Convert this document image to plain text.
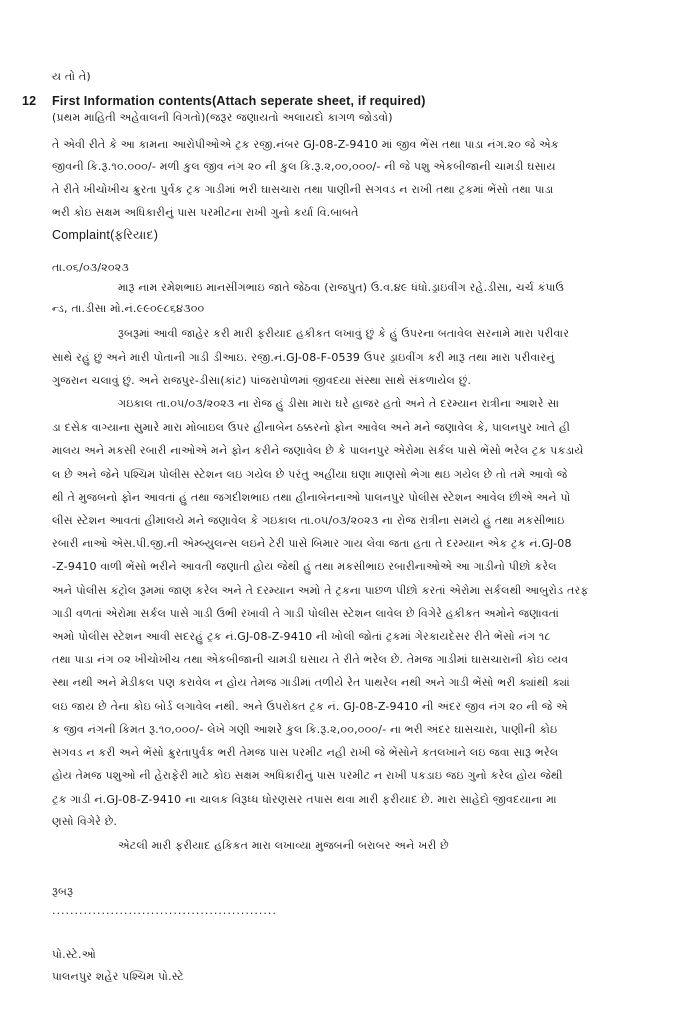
ય તો તે)
12 First Information contents(Attach seperate sheet, if required)
(પ્રથમ માહિતી અહેવાલની વિગતો)(જરૂર જણાયતો અલાયદો કાગળ જોડવો)
તે એવી રીતે કે આ કામના આરોપીઓએ ટ્રક રજી.નંબર GJ-08-Z-9410 માં જીવ ભેંસ તથા પાડા નંગ.૨૦ જે એક
જીવની કિ.રૂ.૧૦.૦૦૦/- મળી કુલ જીવ નંગ ૨૦ ની કુલ કિ.રૂ.૨,૦૦,૦૦૦/- ની જે પશુ એકબીજાની ચામડી ઘસાય
તે રીતે ખીચોખીચ ક્રુરતા પુર્વક ટ્રક ગાડીમાં ભરી ઘાસચારા તથા પાણીની સગવડ ન રાખી તથા ટ્રકમાં ભેંસો તથા પાડા
ભરી કોઇ સક્ષમ અધિકારીનું પાસ પરમીટના રાખી ગુનો કર્યા વિ.બાબતે
Complaint(ફરિયાદ)
તા.૦૬/૦૩/૨૦૨૩
મારૂ નામ રમેશભાઇ માનસીંગભાઇ જાતે જેઠવા (રાજપુત) ઉ.વ.૪૯ ધંધો.ડ્રાઇવીંગ રહે.ડીસા, ચર્ચ કંપાઉ
ન્ડ, તા.ડીસા મો.નં.૯૯૦૯૮૬૪૩૦૦
રૂબરૂમાં આવી જાહેર કરી મારી ફરીયાદ હકીકત લખાવું છું કે હું ઉપરના બતાવેલ સરનામે મારા પરીવાર
સાથે રહું છું અને મારી પોતાની ગાડી ડીઆઇ. રજી.નં.GJ-08-F-0539 ઉપર ડ્રાઇવીંગ કરી મારૂ તથા મારા પરીવારનું
ગુજરાન ચલાવું છું. અને રાજપુર-ડીસા(કાંટ) પાંજરાપોળમાં જીવદયા સંસ્થા સાથે સંકળાયેલ છું.
ગઇકાલ તા.૦૫/૦૩/૨૦૨૩ ના રોજ હું ડીસા મારા ઘરે હાજર હતો અને તે દરમ્યાન રાત્રીના આશરે સા
ડા દસેક વાગ્યાના સુમારે મારા મોબાઇલ ઉપર હીનાબેન ઠક્કરનો ફોન આવેલ અને મને જણાવેલ કે, પાલનપુર ખાતે હી
માલય અને મકસી રબારી નાઓએ મને ફોન કરીને જણાવેલ છે કે પાલનપુર એરોમા સર્કલ પાસે ભેંસો ભરેલ ટ્રક પકડાયે
લ છે અને જેને પશ્ચિમ પોલીસ સ્ટેશન લઇ ગયેલ છે પરંતુ અહીંયા ઘણા માણસો ભેગા થઇ ગયેલ છે તો તમે આવો જે
થી તે મુજબનો ફોન આવતાં હું તથા જગદીશભાઇ તથા હીનાબેનનાઓ પાલનપુર પોલીસ સ્ટેશન આવેલ છીએ અને પો
લીસ સ્ટેશન આવતાં હીમાલયે મને જણાવેલ કે ગઇકાલ તા.૦૫/૦૩/૨૦૨૩ ના રોજ રાત્રીના સમયે હું તથા મકસીભાઇ
રબારી નાઓ એસ.પી.જી.ની એમ્બ્યુલન્સ લઇને ટેરી પાસે બિમાર ગાય લેવા જતા હતા તે દરમ્યાન એક ટ્રક નં.GJ-08
-Z-9410 વાળી ભેંસો ભરીને આવતી જણાતી હોય જેથી હું તથા મકસીભાઇ રબારીનાઓએ આ ગાડીનો પીછો કરેલ
અને પોલીસ કંટ્રોલ રૂમમાં જાણ કરેલ અને તે દરમ્યાન અમો તે ટ્રકના પાછળ પીછો કરતાં એરોમા સર્કલથી આબુરોડ તરફ
ગાડી વળતાં એરોમા સર્કલ પાસે ગાડી ઉભી રખાવી તે ગાડી પોલીસ સ્ટેશન લાવેલ છે વિગેરે હકીકત અમોને જણાવતાં
અમો પોલીસ સ્ટેશન આવી સદરહું ટ્રક નં.GJ-08-Z-9410 ની ખોલી જોતાં ટ્રકમાં ગેરકાયદેસર રીતે ભેંસો નંગ ૧૮
તથા પાડા નંગ ૦૨ ખીચોખીચ તથા એકબીજાની ચામડી ઘસાય તે રીતે ભરેલ છે. તેમજ ગાડીમાં ઘાસચારાની કોઇ વ્યવ
સ્થા નથી અને મેડીકલ પણ કરાવેલ ન હોય તેમજ ગાડીમાં તળીયે રેત પાથરેલ નથી અને ગાડી ભેંસો ભરી ક્યાંથી ક્યાં
લઇ જાય છે તેના કોઇ બોર્ડ લગાવેલ નથી. અને ઉપરોક્ત ટ્રક નં. GJ-08-Z-9410 ની અંદર જીવ નંગ ૨૦ ની જે એ
ક જીવ નંગની કિમત રૂ.૧૦,૦૦૦/- લેખે ગણી આશરે કુલ કિ.રૂ.૨,૦૦,૦૦૦/- ના ભરી અંદર ઘાસચારા, પાણીની કોઇ
સગવડ ન કરી અને ભેંસો ક્રુરતાપુર્વક ભરી તેમજ પાસ પરમીટ નહી રાખી જે ભેંસોને કતલખાને લઇ જવા સારૂ ભરેલ
હોય તેમજ પશુઓ ની હેરાફેરી માટે કોઇ સક્ષમ અધિકારીનું પાસ પરમીટ ન રાખી પકડાઇ જઇ ગુનો કરેલ હોય જેથી
ટ્રક ગાડી નં.GJ-08-Z-9410 ના ચાલક વિરૂધ્ધ ધોરણસર તપાસ થવા મારી ફરીયાદ છે. મારા સાહેદો જીવદયાના મા
ણસો વિગેરે છે.
એટલી મારી ફરીયાદ હકિકત મારા લખાવ્યા મુજબની બરાબર અને ખરી છે
રૂબરૂ
..................................................
પો.સ્ટે.ઓ
પાલનપુર શહેર પશ્ચિમ પો.સ્ટે
